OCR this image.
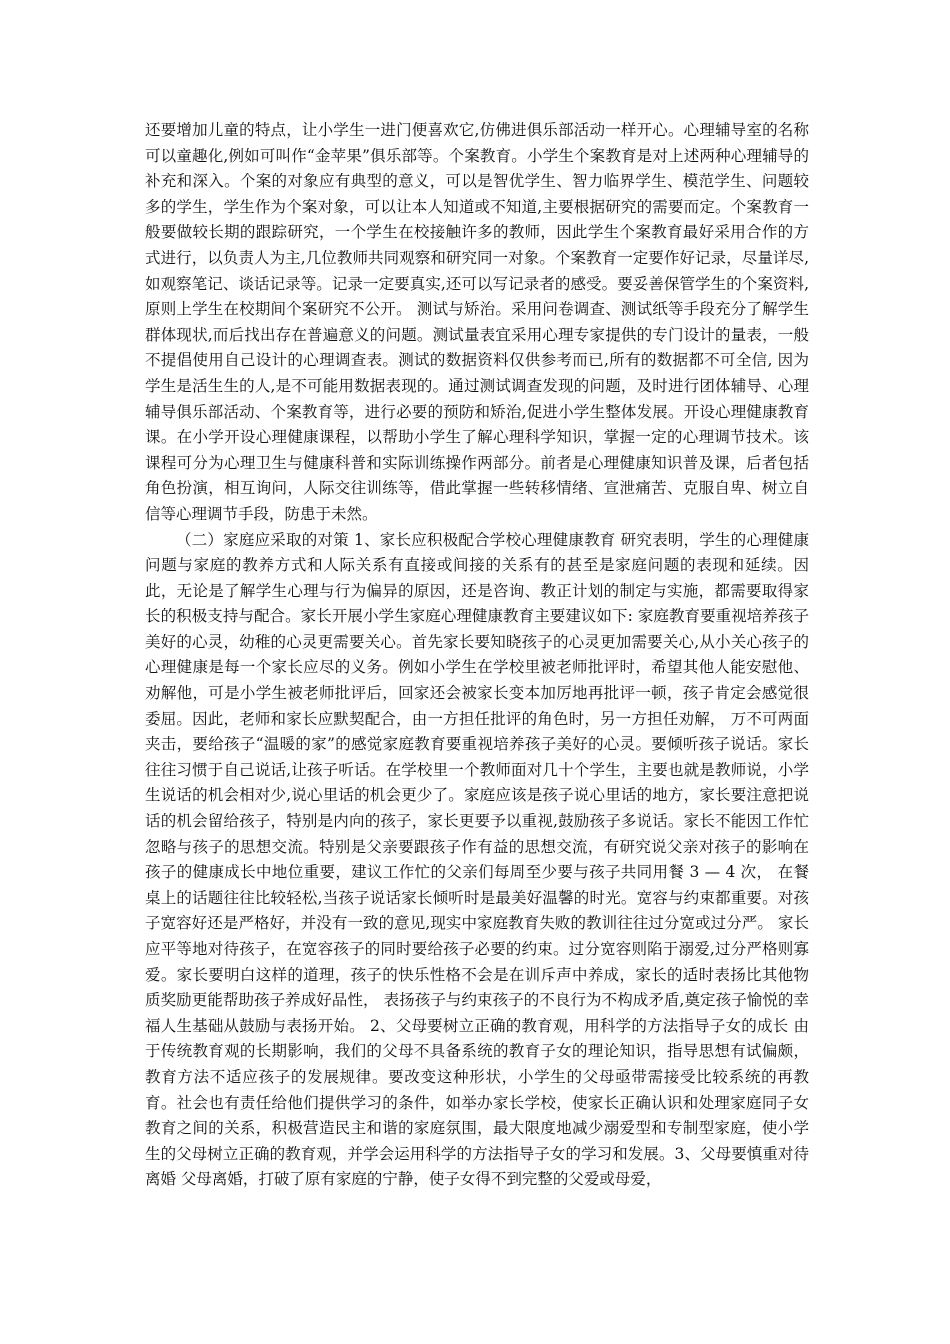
还要增加儿童的特点，让小学生一进门便喜欢它,仿佛进俱乐部活动一样开心。心理辅导室的名称可以童趣化,例如可叫作“金苹果”俱乐部等。个案教育。小学生个案教育是对上述两种心理辅导的补充和深入。个案的对象应有典型的意义，可以是智优学生、智力临界学生、模范学生、问题较多的学生，学生作为个案对象，可以让本人知道或不知道,主要根据研究的需要而定。个案教育一般要做较长期的跟踪研究，一个学生在校接触许多的教师，因此学生个案教育最好采用合作的方式进行，以负责人为主,几位教师共同观察和研究同一对象。个案教育一定要作好记录，尽量详尽,如观察笔记、谈话记录等。记录一定要真实,还可以写记录者的感受。要妥善保管学生的个案资料,原则上学生在校期间个案研究不公开。 测试与矫治。采用问卷调查、测试纸等手段充分了解学生群体现状,而后找出存在普遍意义的问题。测试量表宜采用心理专家提供的专门设计的量表，一般不提倡使用自己设计的心理调查表。测试的数据资料仅供参考而已,所有的数据都不可全信, 因为学生是活生生的人,是不可能用数据表现的。通过测试调查发现的问题，及时进行团体辅导、心理辅导俱乐部活动、个案教育等，进行必要的预防和矫治,促进小学生整体发展。开设心理健康教育课。在小学开设心理健康课程，以帮助小学生了解心理科学知识，掌握一定的心理调节技术。该课程可分为心理卫生与健康科普和实际训练操作两部分。前者是心理健康知识普及课，后者包括角色扮演，相互询问，人际交往训练等，借此掌握一些转移情绪、宣泄痛苦、克服自卑、树立自信等心理调节手段，防患于未然。

（二）家庭应采取的对策 1、家长应积极配合学校心理健康教育 研究表明，学生的心理健康问题与家庭的教养方式和人际关系有直接或间接的关系有的甚至是家庭问题的表现和延续。因此，无论是了解学生心理与行为偏异的原因，还是咨询、教正计划的制定与实施，都需要取得家长的积极支持与配合。家长开展小学生家庭心理健康教育主要建议如下: 家庭教育要重视培养孩子美好的心灵，幼稚的心灵更需要关心。首先家长要知晓孩子的心灵更加需要关心,从小关心孩子的心理健康是每一个家长应尽的义务。例如小学生在学校里被老师批评时，希望其他人能安慰他、劝解他，可是小学生被老师批评后，回家还会被家长变本加厉地再批评一顿，孩子肯定会感觉很委屈。因此，老师和家长应默契配合，由一方担任批评的角色时，另一方担任劝解， 万不可两面夹击，要给孩子“温暖的家”的感觉家庭教育要重视培养孩子美好的心灵。要倾听孩子说话。家长往往习惯于自己说话,让孩子听话。在学校里一个教师面对几十个学生，主要也就是教师说，小学生说话的机会相对少,说心里话的机会更少了。家庭应该是孩子说心里话的地方，家长要注意把说话的机会留给孩子，特别是内向的孩子，家长更要予以重视,鼓励孩子多说话。家长不能因工作忙忽略与孩子的思想交流。特别是父亲要跟孩子作有益的思想交流，有研究说父亲对孩子的影响在孩子的健康成长中地位重要，建议工作忙的父亲们每周至少要与孩子共同用餐 3 — 4 次， 在餐桌上的话题往往比较轻松,当孩子说话家长倾听时是最美好温馨的时光。宽容与约束都重要。对孩子宽容好还是严格好，并没有一致的意见,现实中家庭教育失败的教训往往过分宽或过分严。 家长应平等地对待孩子，在宽容孩子的同时要给孩子必要的约束。过分宽容则陷于溺爱,过分严格则寡爱。家长要明白这样的道理，孩子的快乐性格不会是在训斥声中养成，家长的适时表扬比其他物质奖励更能帮助孩子养成好品性， 表扬孩子与约束孩子的不良行为不构成矛盾,奠定孩子愉悦的幸福人生基础从鼓励与表扬开始。 2、父母要树立正确的教育观，用科学的方法指导子女的成长 由于传统教育观的长期影响，我们的父母不具备系统的教育子女的理论知识，指导思想有试偏颇，教育方法不适应孩子的发展规律。要改变这种形状，小学生的父母亟带需接受比较系统的再教育。社会也有责任给他们提供学习的条件，如举办家长学校，使家长正确认识和处理家庭同子女教育之间的关系，积极营造民主和谐的家庭氛围，最大限度地减少溺爱型和专制型家庭，使小学生的父母树立正确的教育观，并学会运用科学的方法指导子女的学习和发展。3、父母要慎重对待离婚 父母离婚，打破了原有家庭的宁静，使子女得不到完整的父爱或母爱，
